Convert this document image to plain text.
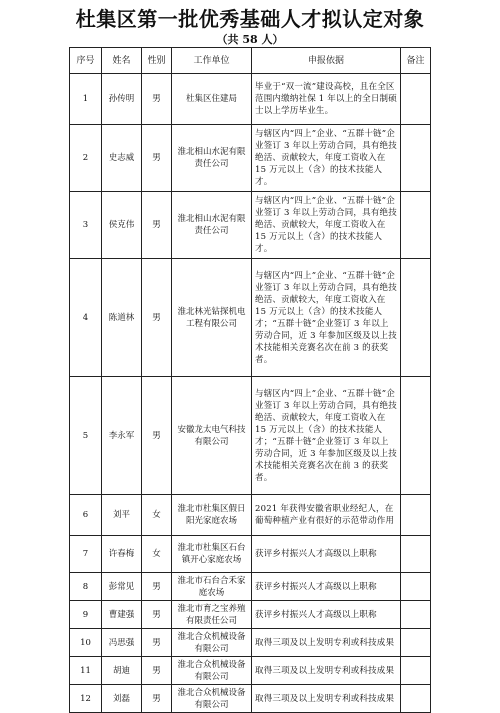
杜集区第一批优秀基础人才拟认定对象
（共 58 人）
序号	姓名	性别	工作单位	申报依据	备注
1	孙传明	男	杜集区住建局	毕业于“双一流”建设高校，且在全区范围内缴纳社保 1 年以上的全日制硕士以上学历毕业生。	
2	史志威	男	淮北相山水泥有限责任公司	与辖区内“四上”企业、“五群十链”企业签订 3 年以上劳动合同，具有绝技绝活、贡献较大，年度工资收入在 15 万元以上（含）的技术技能人才。	
3	侯克伟	男	淮北相山水泥有限责任公司	与辖区内“四上”企业、“五群十链”企业签订 3 年以上劳动合同，具有绝技绝活、贡献较大，年度工资收入在 15 万元以上（含）的技术技能人才。	
4	陈道林	男	淮北林光钻探机电工程有限公司	与辖区内“四上”企业、“五群十链”企业签订 3 年以上劳动合同，具有绝技绝活、贡献较大，年度工资收入在 15 万元以上（含）的技术技能人才；“五群十链”企业签订 3 年以上劳动合同，近 3 年参加区级及以上技术技能相关竞赛名次在前 3 的获奖者。	
5	李永军	男	安徽龙太电气科技有限公司	与辖区内“四上”企业、“五群十链”企业签订 3 年以上劳动合同，具有绝技绝活、贡献较大，年度工资收入在 15 万元以上（含）的技术技能人才；“五群十链”企业签订 3 年以上劳动合同，近 3 年参加区级及以上技术技能相关竞赛名次在前 3 的获奖者。	
6	刘平	女	淮北市杜集区假日阳光家庭农场	2021 年获得安徽省职业经纪人，在葡萄种植产业有很好的示范带动作用	
7	许春梅	女	淮北市杜集区石台镇开心家庭农场	获评乡村振兴人才高级以上职称	
8	彭常见	男	淮北市石台合禾家庭农场	获评乡村振兴人才高级以上职称	
9	曹建强	男	淮北市育之宝养殖有限责任公司	获评乡村振兴人才高级以上职称	
10	冯思强	男	淮北合众机械设备有限公司	取得三项及以上发明专利或科技成果	
11	胡迪	男	淮北合众机械设备有限公司	取得三项及以上发明专利或科技成果	
12	刘磊	男	淮北合众机械设备有限公司	取得三项及以上发明专利或科技成果	
